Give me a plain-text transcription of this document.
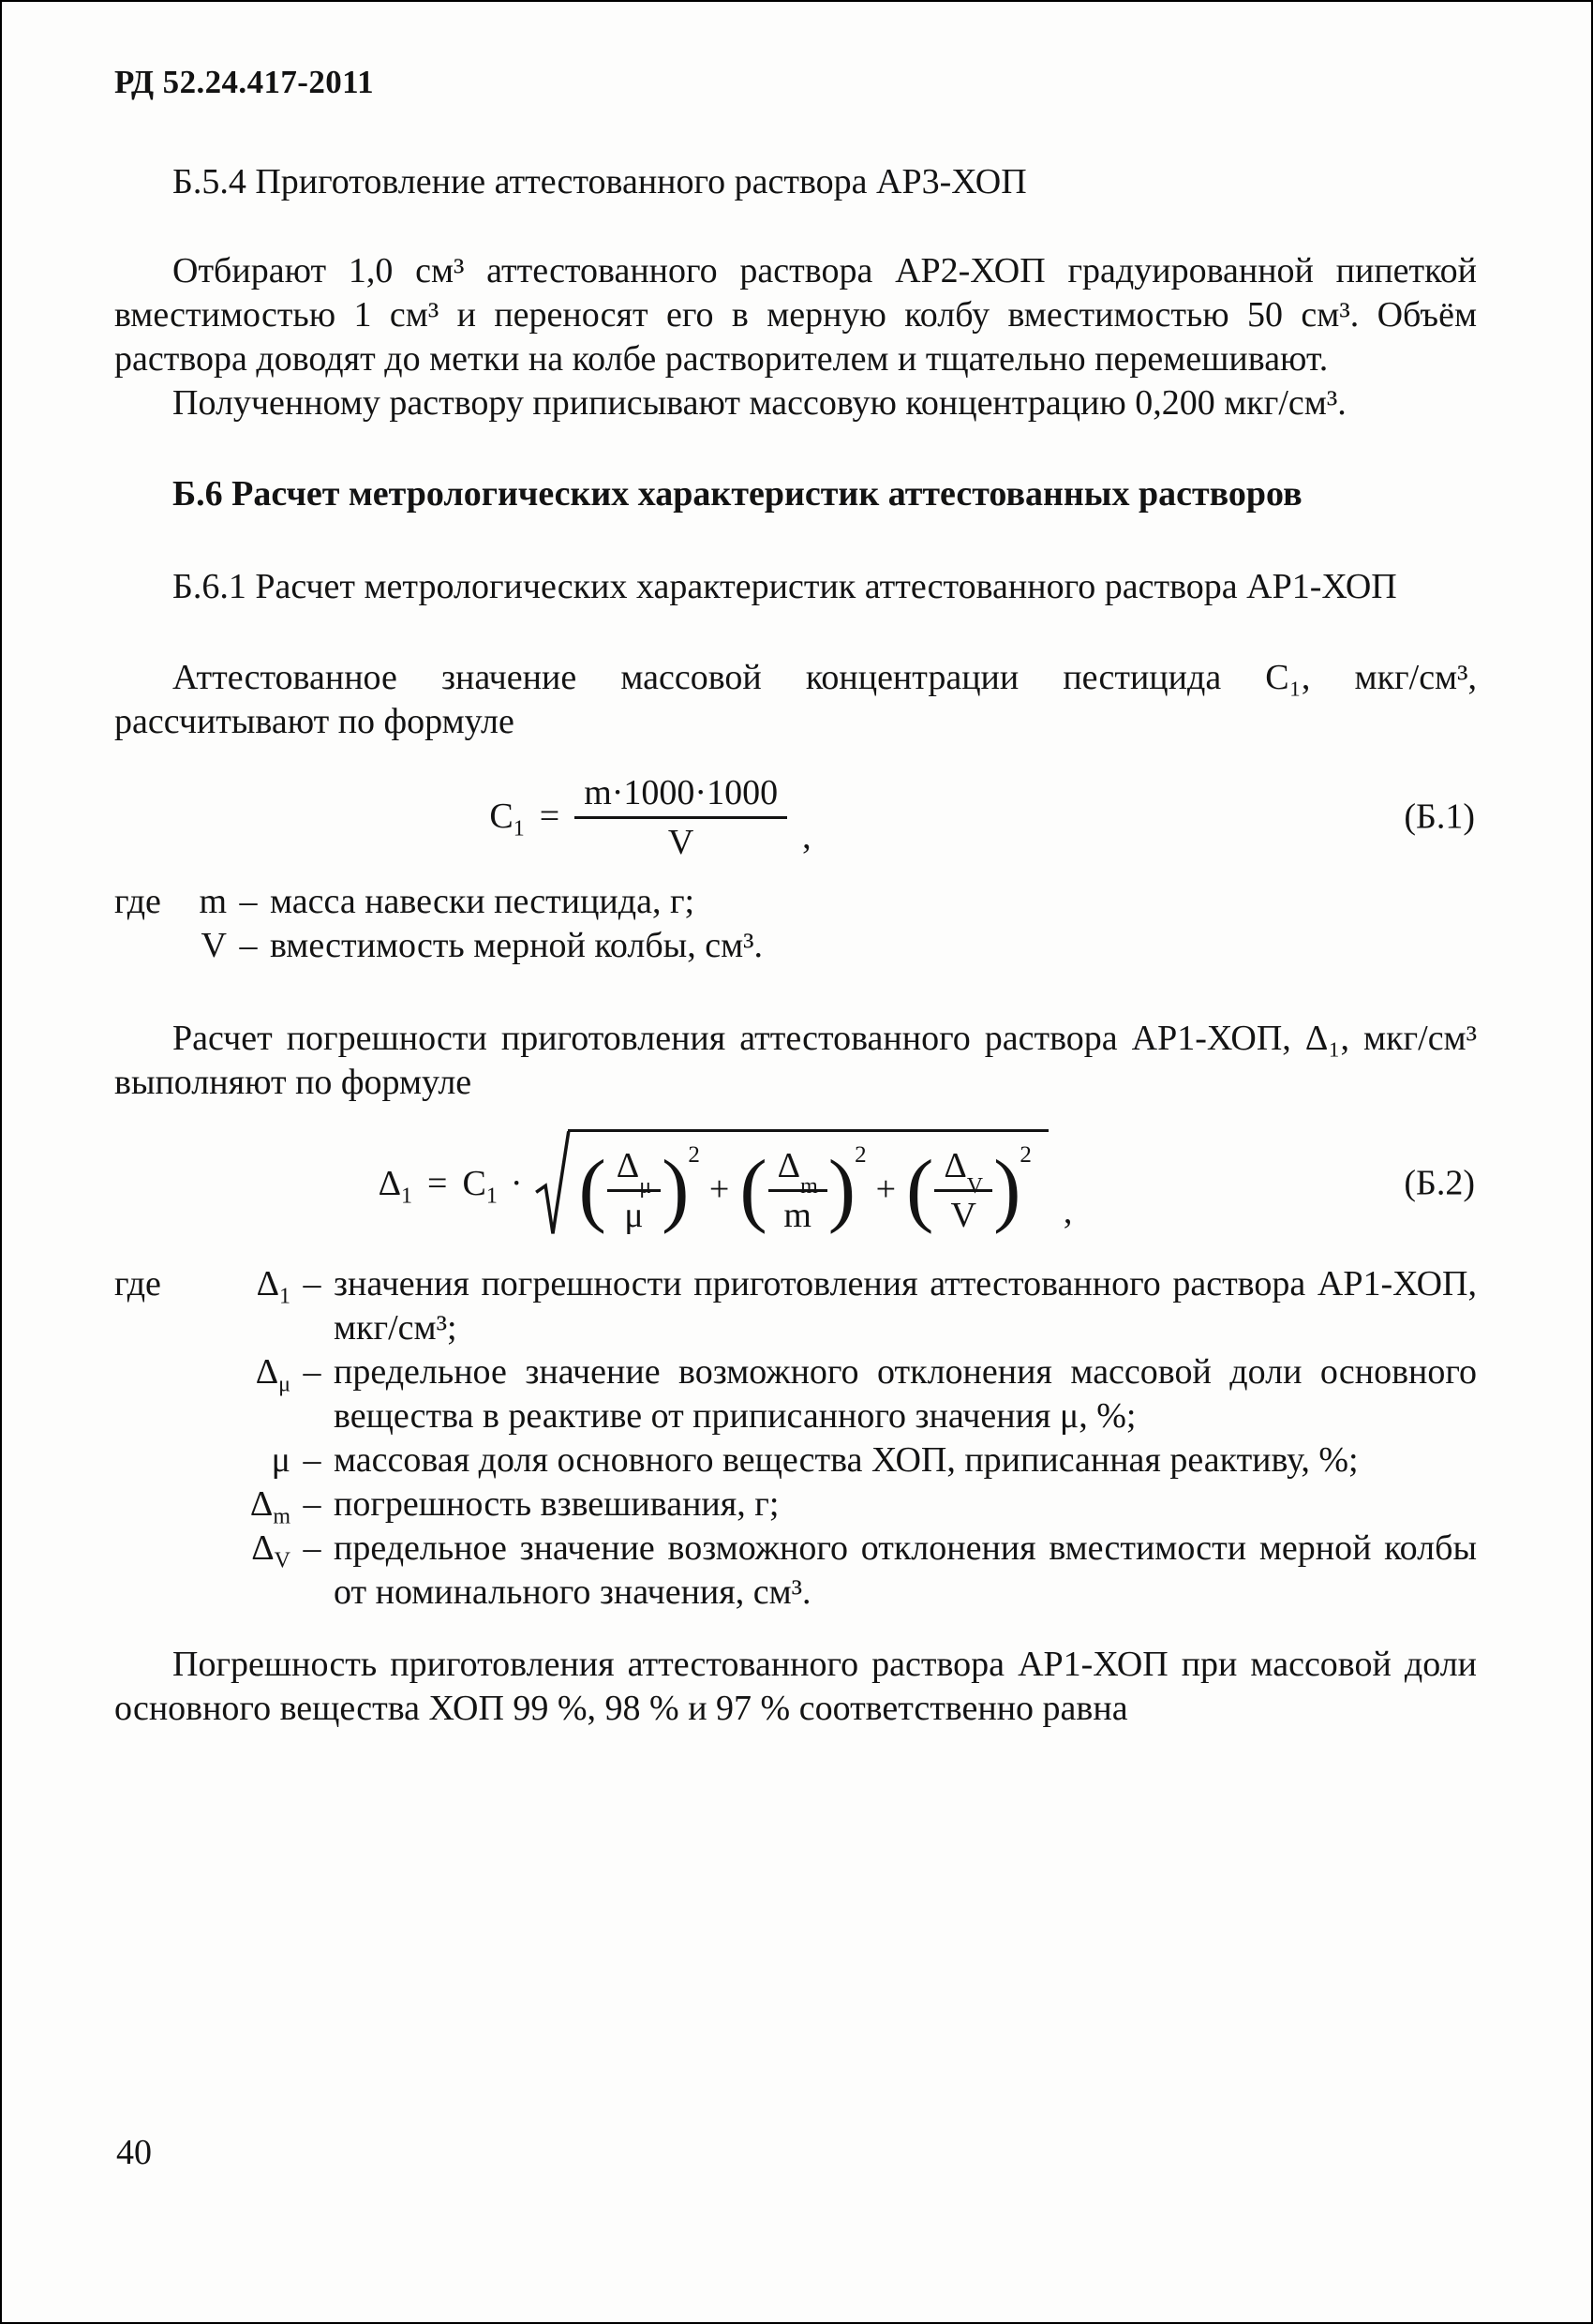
РД 52.24.417-2011
Б.5.4 Приготовление аттестованного раствора АР3-ХОП

Отбирают 1,0 см³ аттестованного раствора АР2-ХОП градуированной пипеткой вместимостью 1 см³ и переносят его в мерную колбу вместимостью 50 см³. Объём раствора доводят до метки на колбе растворителем и тщательно перемешивают.

Полученному раствору приписывают массовую концентрацию 0,200 мкг/см³.

Б.6 Расчет метрологических характеристик аттестованных растворов
Б.6.1 Расчет метрологических характеристик аттестованного раствора АР1-ХОП

Аттестованное значение массовой концентрации пестицида C₁, мкг/см³, рассчитывают по формуле

$C_1 = \frac{m\cdot 1000\cdot 1000}{V}$ ,
(Б.1)
где	m – масса навески пестицида, г;
V – вместимость мерной колбы, см³.

Расчет погрешности приготовления аттестованного раствора АР1-ХОП, Δ₁, мкг/см³ выполняют по формуле

$\Delta_1 = C_1$ · ( Δ
μ
μ ) 2
+ ( Δ
m
m ) 2
+ ( Δ
V
V ) 2
,
(Б.2)
где	$\Delta_1$ – значения погрешности приготовления аттестованного раствора АР1-ХОП, мкг/см³;
$\Delta_\mu$ – предельное значение возможного отклонения массовой доли основного вещества в реактиве от приписанного значения μ, %;
μ – массовая доля основного вещества ХОП, приписанная реактиву, %;
$\Delta_m$ – погрешность взвешивания, г;
$\Delta_V$ – предельное значение возможного отклонения вместимости мерной колбы от номинального значения, см³.

Погрешность приготовления аттестованного раствора АР1-ХОП при массовой доли основного вещества ХОП 99 %, 98 % и 97 % соответственно равна

40
